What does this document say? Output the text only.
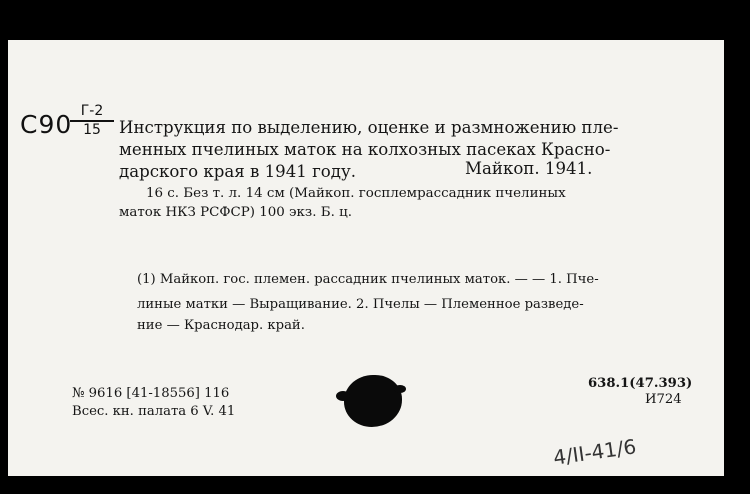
С90 Г-2
15	Инструкция по выделению, оценке и размножению пле-
менных пчелиных маток на колхозных пасеках Красно-
дарского края в 1941 году.	Майкоп. 1941.
16 с. Без т. л. 14 см (Майкоп. госплемрассадник пчелиных
маток НКЗ РСФСР) 100 экз. Б. ц.
(1) Майкоп. гос. племен. рассадник пчелиных маток. — — 1. Пче-
линые матки — Выращивание. 2. Пчелы — Племенное разведе-
ние — Краснодар. край.
№ 9616 [41-18556] 116
Всес. кн. палата 6 V. 41
638.1(47.393)
И724
4/II-41/6
